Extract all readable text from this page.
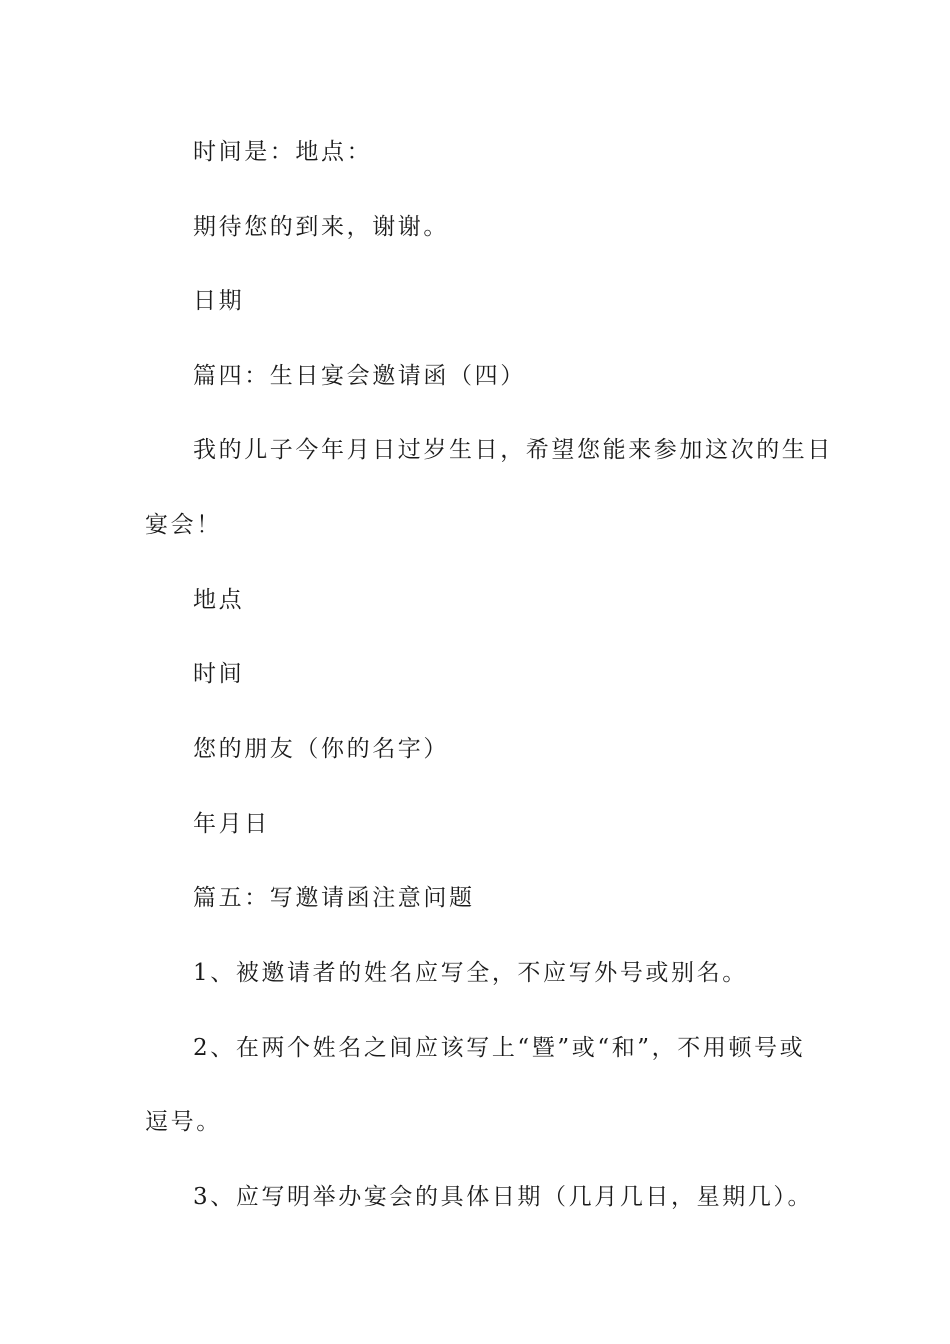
时间是：地点：
期待您的到来，谢谢。
日期
篇四：生日宴会邀请函（四）
我的儿子今年月日过岁生日，希望您能来参加这次的生日
宴会！
地点
时间
您的朋友（你的名字）
年月日
篇五：写邀请函注意问题
1、被邀请者的姓名应写全，不应写外号或别名。
2、在两个姓名之间应该写上“暨”或“和”，不用顿号或
逗号。
3、应写明举办宴会的具体日期（几月几日，星期几）。
